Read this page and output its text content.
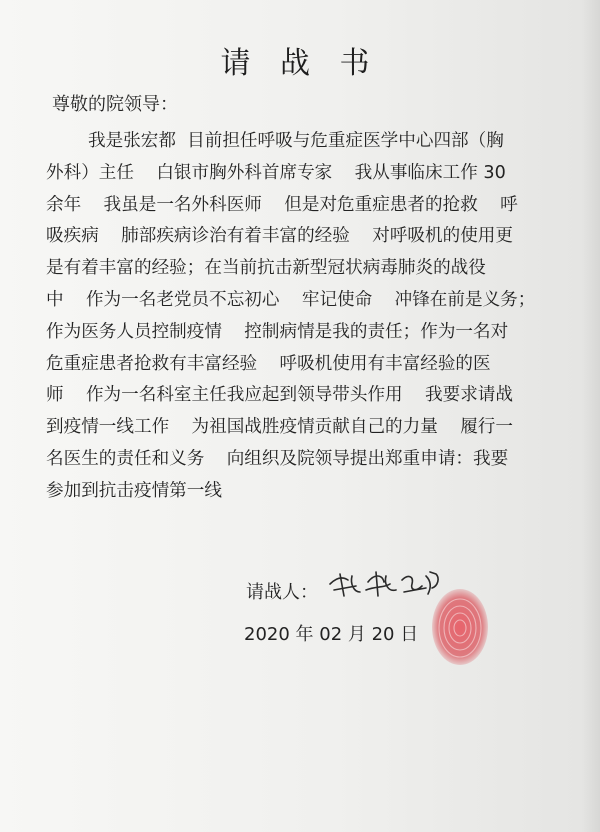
请 战 书
尊敬的院领导：
我是张宏都  目前担任呼吸与危重症医学中心四部（胸
外科）主任    白银市胸外科首席专家    我从事临床工作 30
余年    我虽是一名外科医师    但是对危重症患者的抢救    呼
吸疾病    肺部疾病诊治有着丰富的经验    对呼吸机的使用更
是有着丰富的经验；在当前抗击新型冠状病毒肺炎的战役
中    作为一名老党员不忘初心    牢记使命    冲锋在前是义务；
作为医务人员控制疫情    控制病情是我的责任；作为一名对
危重症患者抢救有丰富经验    呼吸机使用有丰富经验的医
师    作为一名科室主任我应起到领导带头作用    我要求请战
到疫情一线工作    为祖国战胜疫情贡献自己的力量    履行一
名医生的责任和义务    向组织及院领导提出郑重申请：我要
参加到抗击疫情第一线
请战人：
2020 年 02 月 20 日
